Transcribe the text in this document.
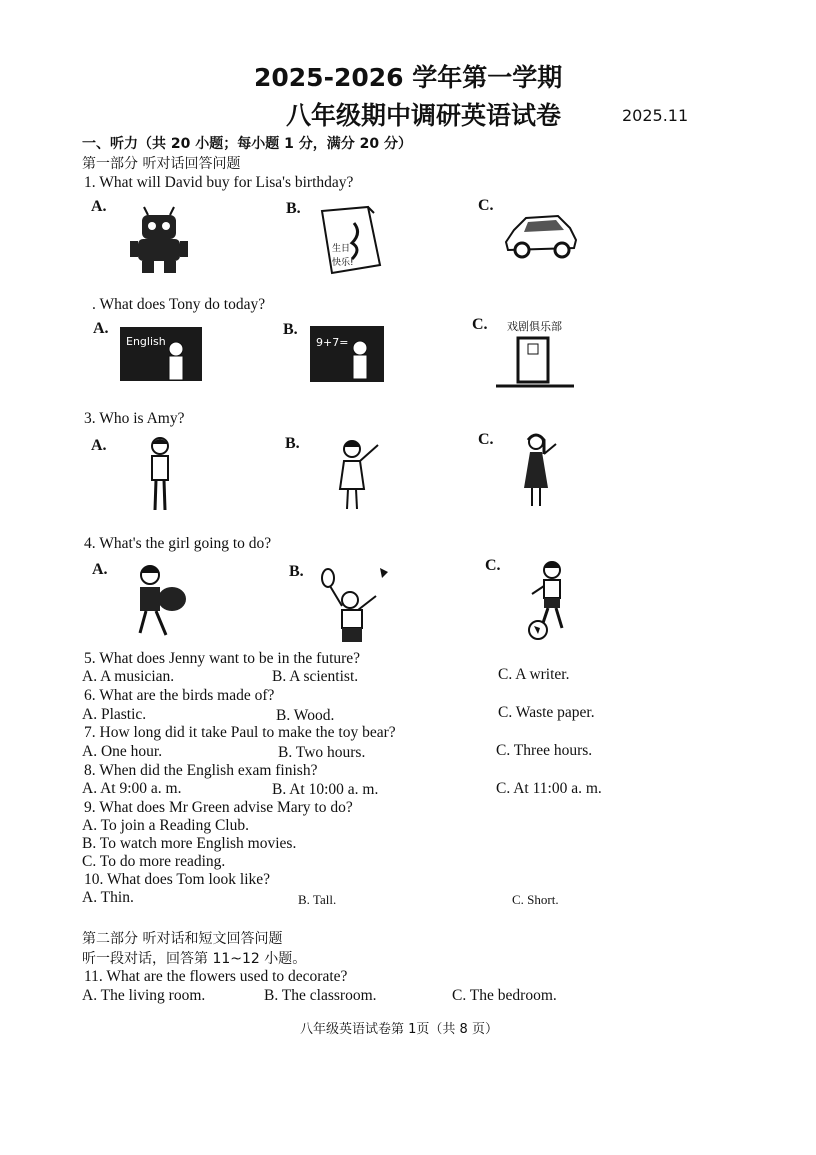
2025-2026 学年第一学期
八年级期中调研英语试卷	2025.11
一、听力（共 20 小题；每小题 1 分，满分 20 分）
第一部分 听对话回答问题
1. What will David buy for Lisa's birthday?
A.	B.	C.
生日
快乐!
. What does Tony do today?
A.	B.	C.
English	9+7=
戏剧俱乐部
3. Who is Amy?
A.	B.	C.
4. What's the girl going to do?
A.	B.	C.
5. What does Jenny want to be in the future?
A. A musician.	B. A scientist.	C. A writer.
6. What are the birds made of?
A. Plastic.	B. Wood.	C. Waste paper.
7. How long did it take Paul to make the toy bear?
A. One hour.	B. Two hours.	C. Three hours.
8. When did the English exam finish?
A. At 9:00 a. m.	B. At 10:00 a. m.	C. At 11:00 a. m.
9. What does Mr Green advise Mary to do?
A. To join a Reading Club.
B. To watch more English movies.
C. To do more reading.
10. What does Tom look like?
A. Thin.	B. Tall.	C. Short.
第二部分 听对话和短文回答问题
听一段对话，回答第 11~12 小题。
11. What are the flowers used to decorate?
A. The living room.	B. The classroom.	C. The bedroom.
八年级英语试卷第 1页（共 8 页）
